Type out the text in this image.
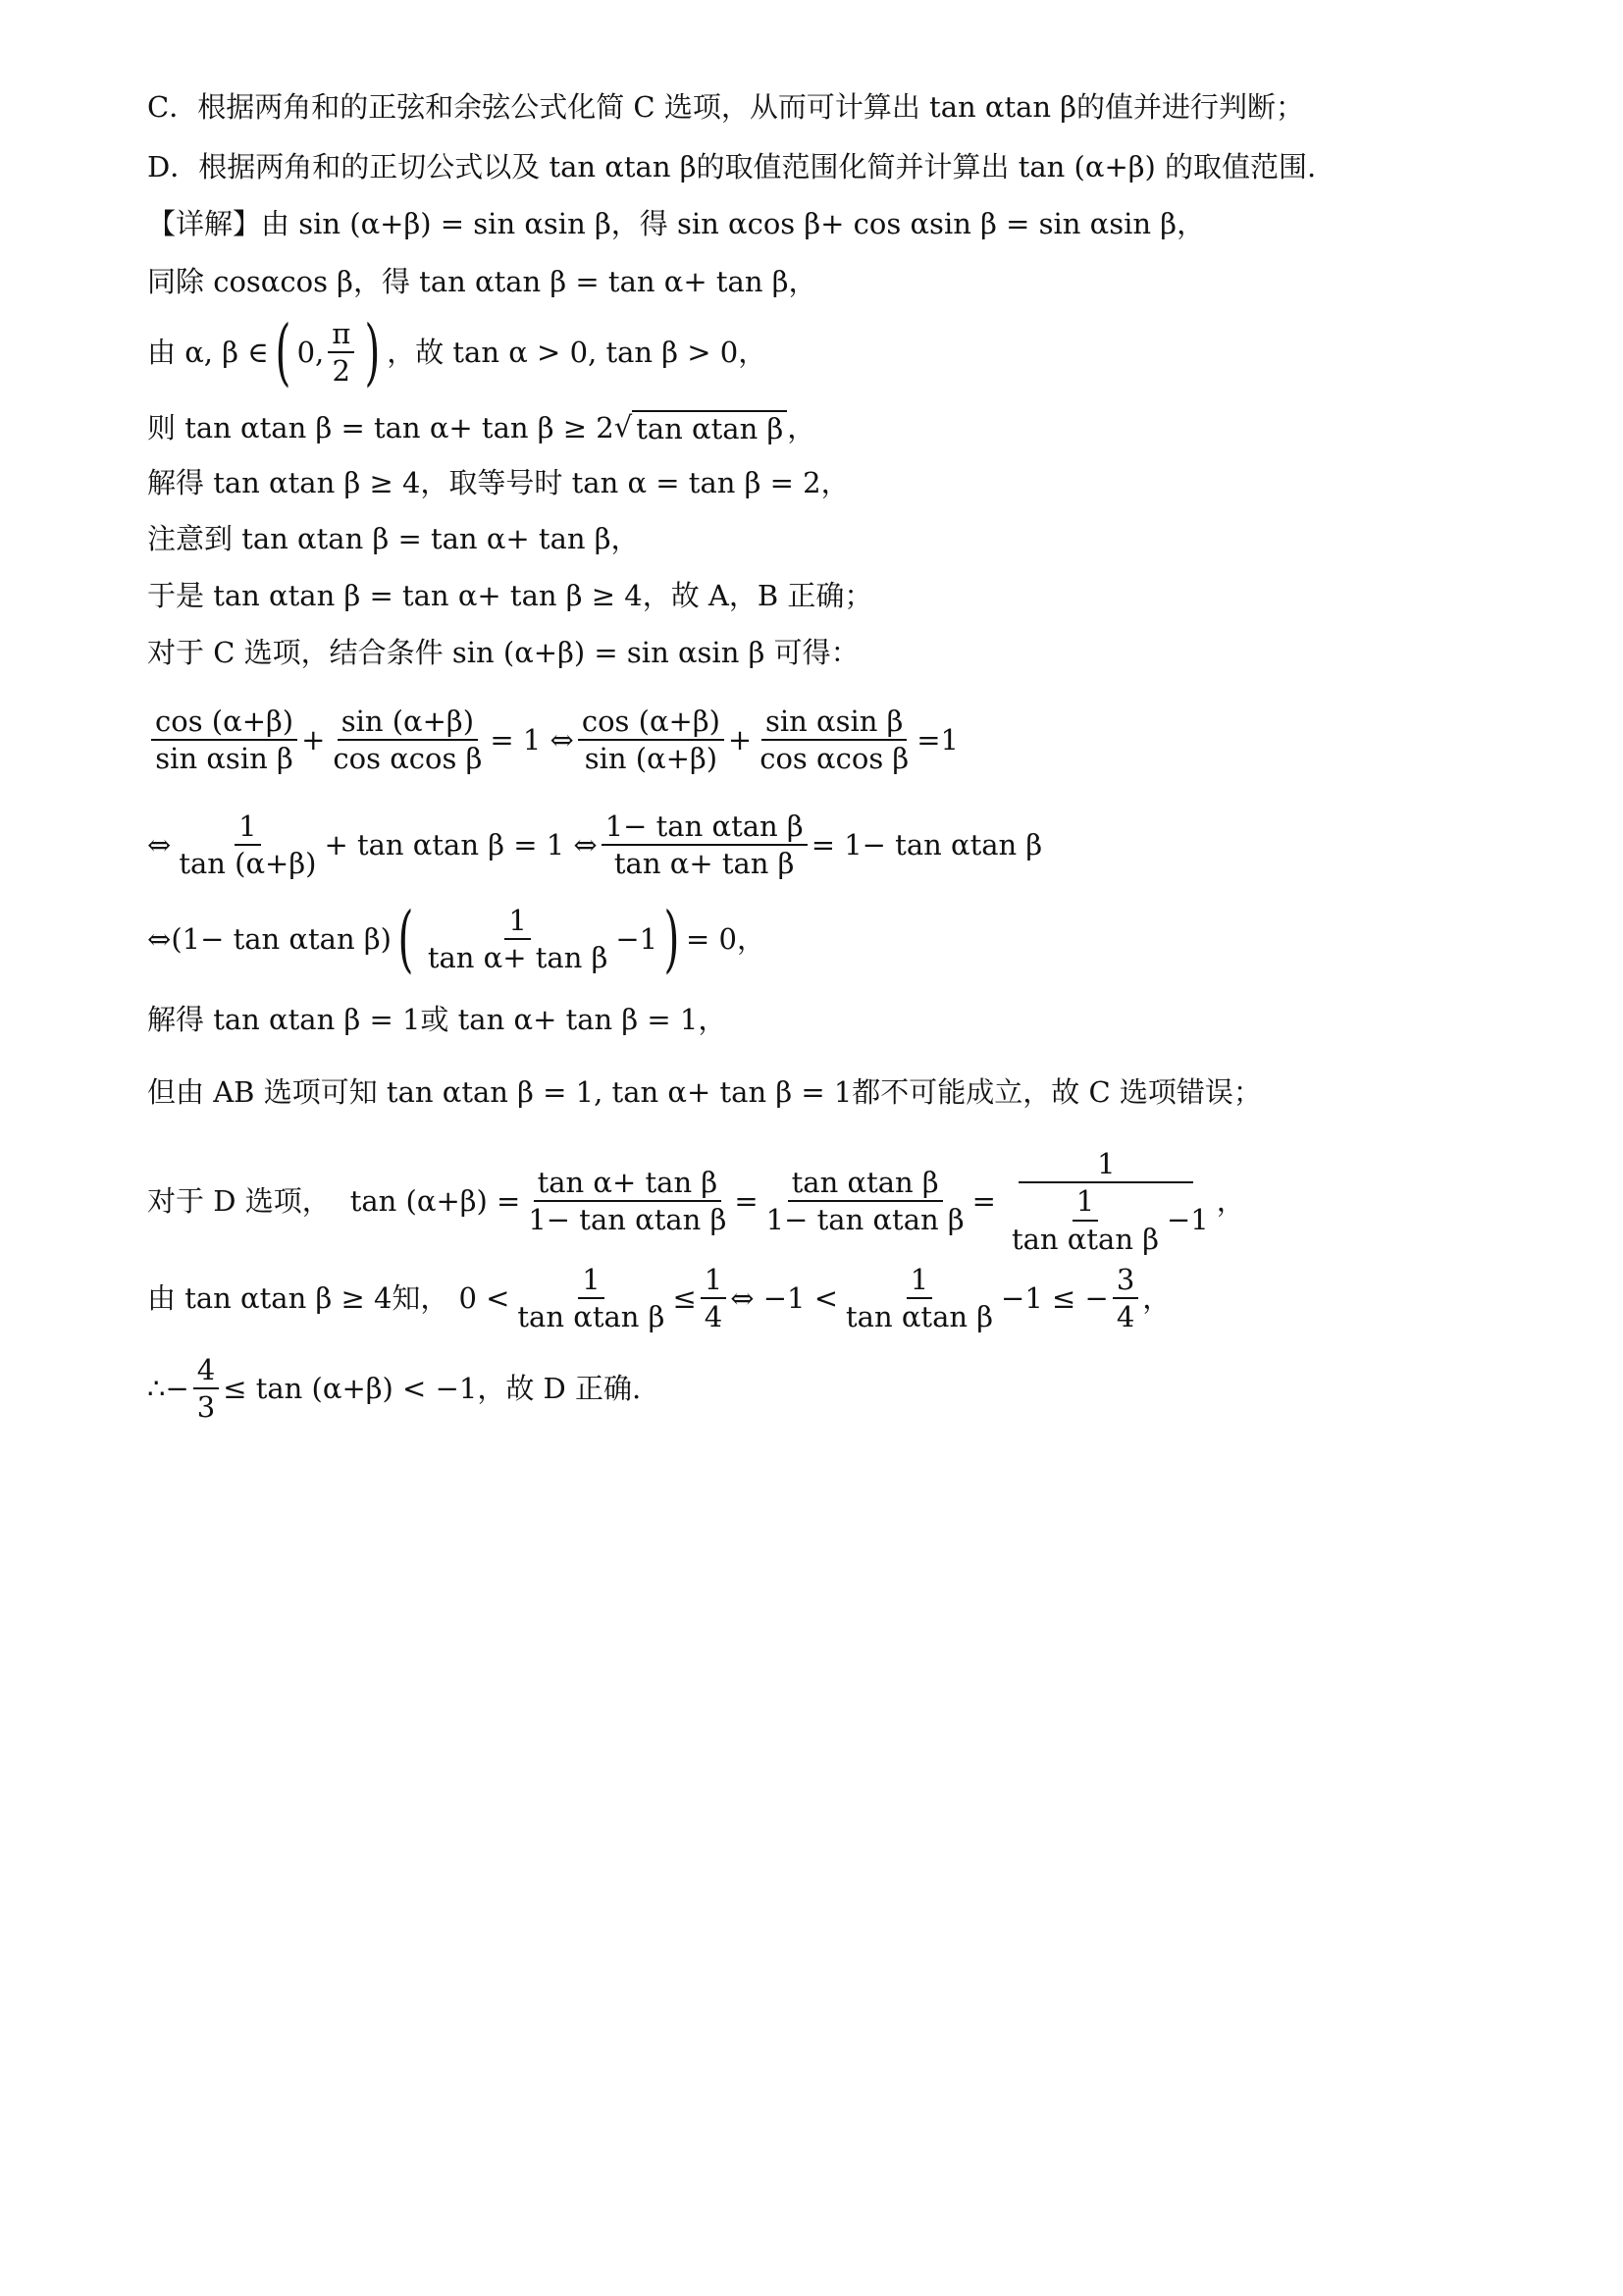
C．根据两角和的正弦和余弦公式化简 C 选项，从而可计算出 tan αtan β的值并进行判断；
D．根据两角和的正切公式以及 tan αtan β的取值范围化简并计算出 tan (α+β) 的取值范围.
【详解】由 sin (α+β) = sin αsin β，得 sin αcos β+ cos αsin β = sin αsin β，
同除 cosαcos β，得 tan αtan β = tan α+ tan β，
由 α, β ∈ ( 0, $\frac{\pi}{2}$ ) ，故 tan α > 0, tan β > 0，
则 tan αtan β = tan α+ tan β ≥ 2 √ tan αtan β ，
解得 tan αtan β ≥ 4，取等号时 tan α = tan β = 2，
注意到 tan αtan β = tan α+ tan β，
于是 tan αtan β = tan α+ tan β ≥ 4，故 A，B 正确；
对于 C 选项，结合条件 sin (α+β) = sin αsin β 可得：
$\frac{\cos (\alpha+\beta)}{\text{sin αsin β}} + \frac{\sin (\alpha+\beta)}{\text{cos αcos β}} = 1$ ⇔ $\frac{\cos (\alpha+\beta)}{\sin (\alpha+\beta)} + \frac{\text{sin αsin β}}{\text{cos αcos β}} = 1$
⇔ $\frac{1}{\tan (\alpha+\beta)} + \tan \alpha\tan$ β = 1 ⇔ $\frac{\text{1− tan αtan β}}{\text{tan α+ tan β}} = 1- \tan \alpha\tan$ β
⇔ (1− tan αtan β) ( $\frac{1}{\text{tan α+ tan β}} -1$ ) = 0，
解得 tan αtan β = 1或 tan α+ tan β = 1，
但由 AB 选项可知 tan αtan β = 1, tan α+ tan β = 1都不可能成立，故 C 选项错误；
对于 D 选项， $\tan (\alpha+\beta) = \frac{\text{tan α+ tan β}}{\text{1− tan αtan β}} = \frac{\text{tan αtan β}}{\text{1− tan αtan β}} = \frac{1}{\frac{1}{\text{tan αtan β}} -1}$ ，
由 tan αtan β ≥ 4知， $0 < \frac{1}{\text{tan αtan β}} \le \frac{1}{4}$ ⇔ $-1 < \frac{1}{\text{tan αtan β}} -1$ ≤ − $\frac{3}{4}$ ，
∴− $\frac{4}{3} \le \tan (\alpha+\beta) < -1$，故 D 正确.
